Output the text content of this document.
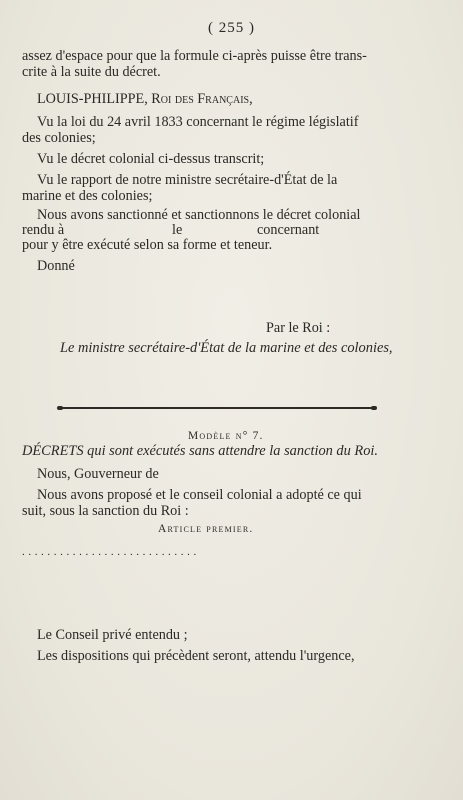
( 255 )
assez d'espace pour que la formule ci-après puisse être trans-
crite à la suite du décret.
LOUIS-PHILIPPE, Roi des Français,
Vu la loi du 24 avril 1833 concernant le régime législatif
des colonies;
Vu le décret colonial ci-dessus transcrit;
Vu le rapport de notre ministre secrétaire-d'État de la
marine et des colonies;
Nous avons sanctionné et sanctionnons le décret colonial
rendu à	le	concernant
pour y être exécuté selon sa forme et teneur.
Donné
Par le Roi :
Le ministre secrétaire-d'État de la marine et des colonies,
Modèle n° 7.
DÉCRETS qui sont exécutés sans attendre la sanction du Roi.
Nous, Gouverneur de
Nous avons proposé et le conseil colonial a adopté ce qui
suit, sous la sanction du Roi :
Article premier.
............................
Le Conseil privé entendu ;
Les dispositions qui précèdent seront, attendu l'urgence,
